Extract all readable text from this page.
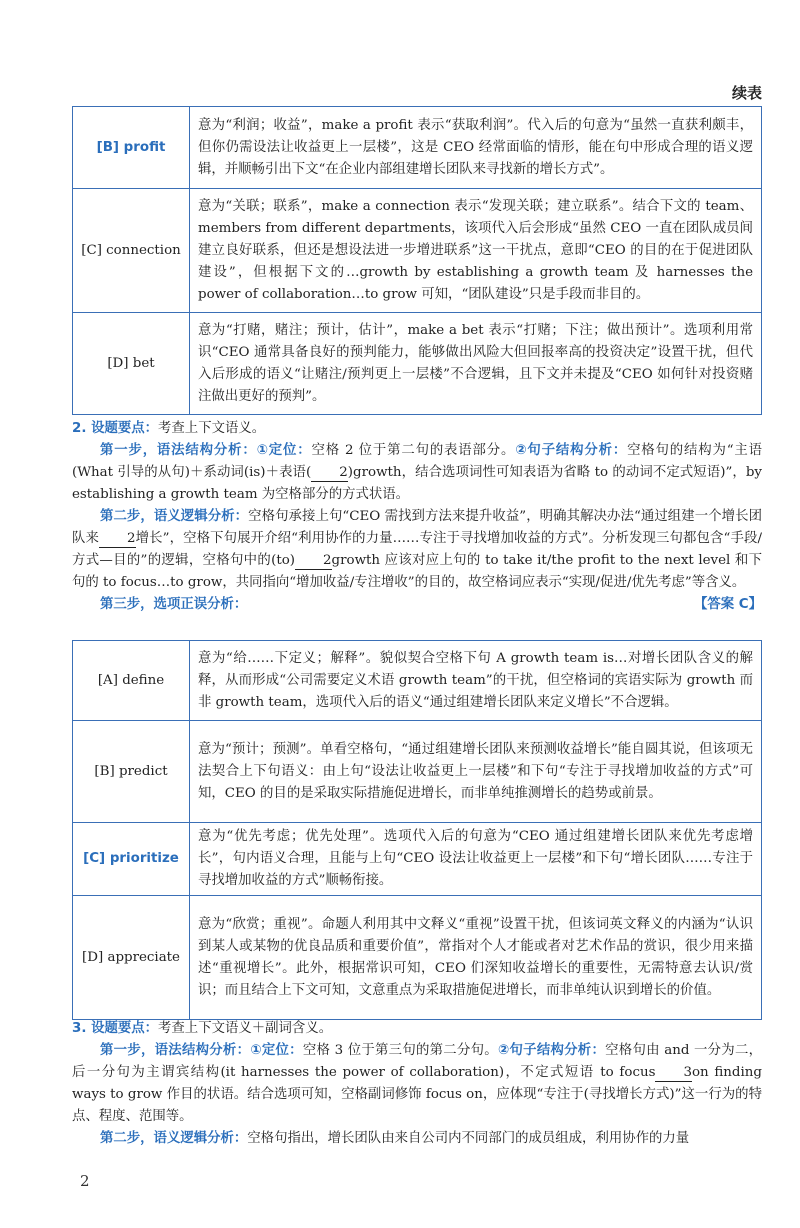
续表
[B] profit	意为“利润；收益”，make a profit 表示“获取利润”。代入后的句意为“虽然一直获利颇丰，但你仍需设法让收益更上一层楼”，这是 CEO 经常面临的情形，能在句中形成合理的语义逻辑，并顺畅引出下文“在企业内部组建增长团队来寻找新的增长方式”。
[C] connection	意为“关联；联系”，make a connection 表示“发现关联；建立联系”。结合下文的 team、members from different departments，该项代入后会形成“虽然 CEO 一直在团队成员间建立良好联系，但还是想设法进一步增进联系”这一干扰点，意即“CEO 的目的在于促进团队建设”，但根据下文的…growth by establishing a growth team 及 harnesses the power of collaboration…to grow 可知，“团队建设”只是手段而非目的。
[D] bet	意为“打赌，赌注；预计，估计”，make a bet 表示“打赌；下注；做出预计”。选项利用常识“CEO 通常具备良好的预判能力，能够做出风险大但回报率高的投资决定”设置干扰，但代入后形成的语义“让赌注/预判更上一层楼”不合逻辑，且下文并未提及“CEO 如何针对投资赌注做出更好的预判”。

2. 设题要点：考查上下文语义。

第一步，语法结构分析：①定位：空格 2 位于第二句的表语部分。②句子结构分析：空格句的结构为“主语(What 引导的从句)＋系动词(is)＋表语( 2)growth，结合选项词性可知表语为省略 to 的动词不定式短语)”，by establishing a growth team 为空格部分的方式状语。

第二步，语义逻辑分析：空格句承接上句“CEO 需找到方法来提升收益”，明确其解决办法“通过组建一个增长团队来 2增长”，空格下句展开介绍“利用协作的力量……专注于寻找增加收益的方式”。分析发现三句都包含“手段/方式—目的”的逻辑，空格句中的(to) 2growth 应该对应上句的 to take it/the profit to the next level 和下句的 to focus…to grow，共同指向“增加收益/专注增收”的目的，故空格词应表示“实现/促进/优先考虑”等含义。

第三步，选项正误分析：	【答案 C】

[A] define	意为“给……下定义；解释”。貌似契合空格下句 A growth team is…对增长团队含义的解释，从而形成“公司需要定义术语 growth team”的干扰，但空格词的宾语实际为 growth 而非 growth team，选项代入后的语义“通过组建增长团队来定义增长”不合逻辑。
[B] predict	意为“预计；预测”。单看空格句，“通过组建增长团队来预测收益增长”能自圆其说，但该项无法契合上下句语义：由上句“设法让收益更上一层楼”和下句“专注于寻找增加收益的方式”可知，CEO 的目的是采取实际措施促进增长，而非单纯推测增长的趋势或前景。
[C] prioritize	意为“优先考虑；优先处理”。选项代入后的句意为“CEO 通过组建增长团队来优先考虑增长”，句内语义合理，且能与上句“CEO 设法让收益更上一层楼”和下句“增长团队……专注于寻找增加收益的方式”顺畅衔接。
[D] appreciate	意为“欣赏；重视”。命题人利用其中文释义“重视”设置干扰，但该词英文释义的内涵为“认识到某人或某物的优良品质和重要价值”，常指对个人才能或者对艺术作品的赏识，很少用来描述“重视增长”。此外，根据常识可知，CEO 们深知收益增长的重要性，无需特意去认识/赏识；而且结合上下文可知，文意重点为采取措施促进增长，而非单纯认识到增长的价值。

3. 设题要点：考查上下文语义＋副词含义。

第一步，语法结构分析：①定位：空格 3 位于第三句的第二分句。②句子结构分析：空格句由 and 一分为二，后一分句为主谓宾结构(it harnesses the power of collaboration)，不定式短语 to focus 3on finding ways to grow 作目的状语。结合选项可知，空格副词修饰 focus on，应体现“专注于(寻找增长方式)”这一行为的特点、程度、范围等。

第二步，语义逻辑分析：空格句指出，增长团队由来自公司内不同部门的成员组成，利用协作的力量

2
